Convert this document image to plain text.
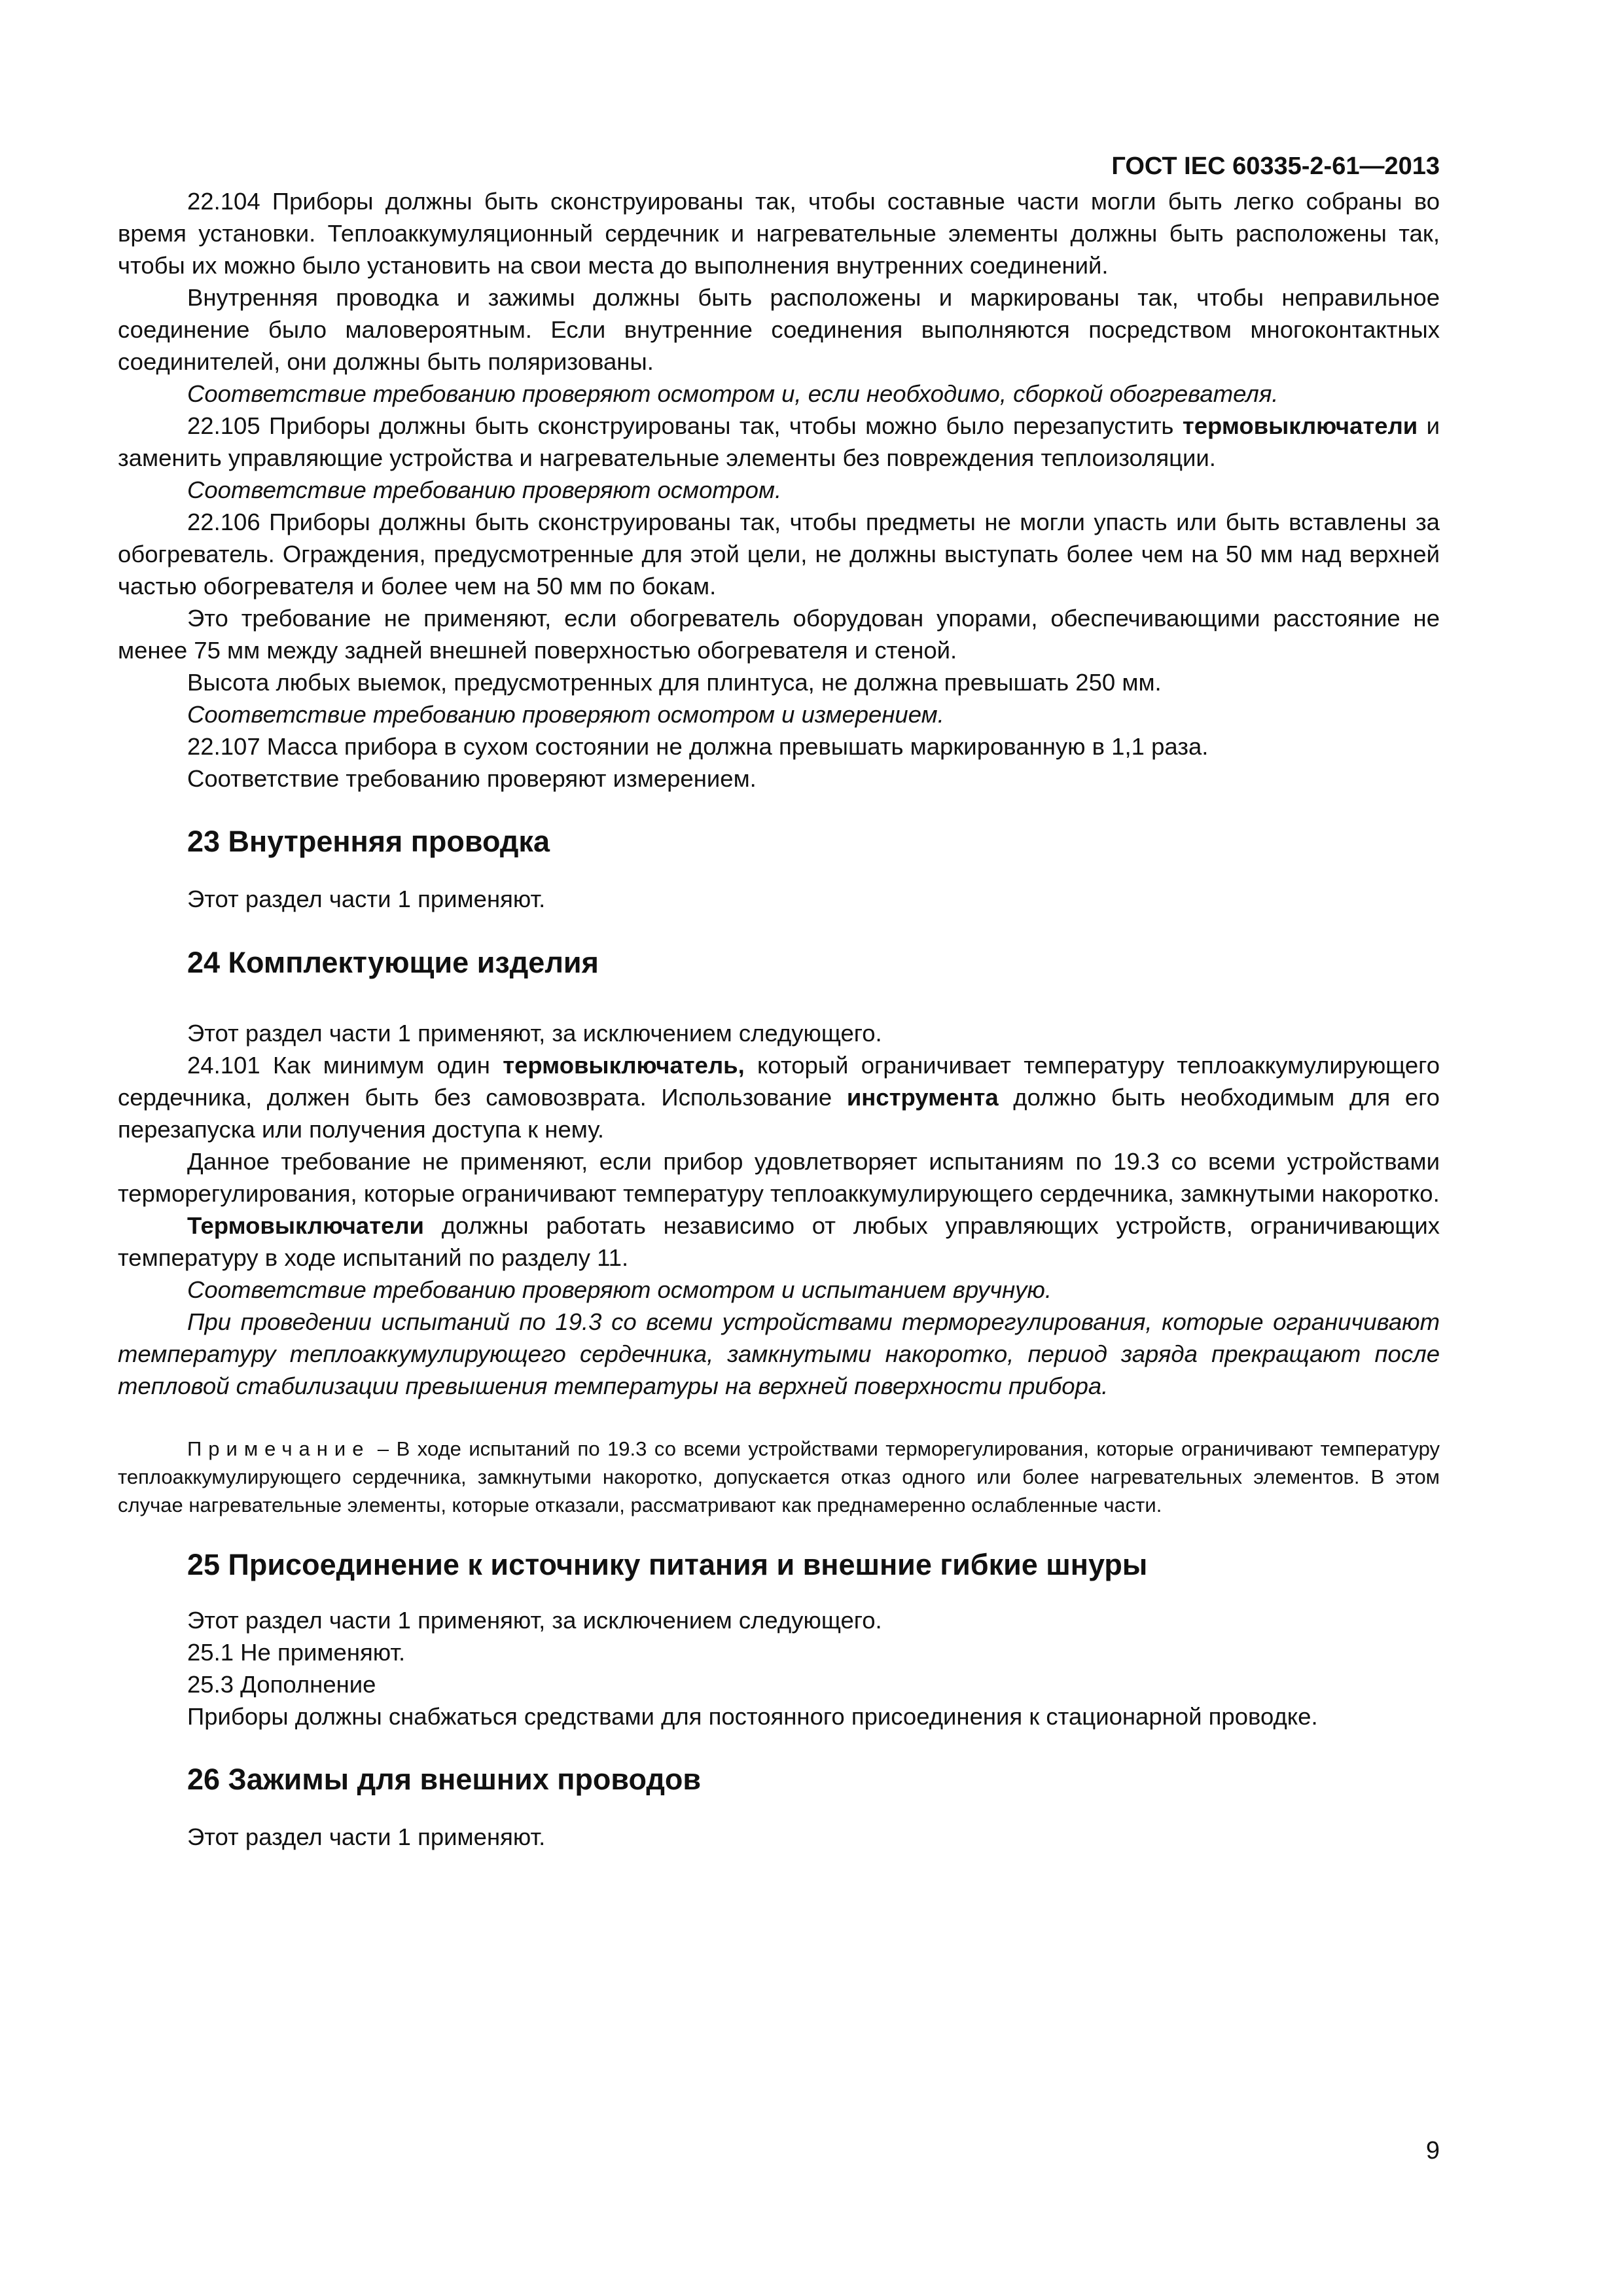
ГОСТ IEC 60335-2-61—2013

22.104 Приборы должны быть сконструированы так, чтобы составные части могли быть легко собраны во время установки. Теплоаккумуляционный сердечник и нагревательные элементы должны быть расположены так, чтобы их можно было установить на свои места до выполнения внутренних соединений.

Внутренняя проводка и зажимы должны быть расположены и маркированы так, чтобы неправильное соединение было маловероятным. Если внутренние соединения выполняются посредством многоконтактных соединителей, они должны быть поляризованы.

Соответствие требованию проверяют осмотром и, если необходимо, сборкой обогревателя.

22.105 Приборы должны быть сконструированы так, чтобы можно было перезапустить термовыключатели и заменить управляющие устройства и нагревательные элементы без повреждения теплоизоляции.

Соответствие требованию проверяют осмотром.

22.106 Приборы должны быть сконструированы так, чтобы предметы не могли упасть или быть вставлены за обогреватель. Ограждения, предусмотренные для этой цели, не должны выступать более чем на 50 мм над верхней частью обогревателя и более чем на 50 мм по бокам.

Это требование не применяют, если обогреватель оборудован упорами, обеспечивающими расстояние не менее 75 мм между задней внешней поверхностью обогревателя и стеной.

Высота любых выемок, предусмотренных для плинтуса, не должна превышать 250 мм.

Соответствие требованию проверяют осмотром и измерением.

22.107 Масса прибора в сухом состоянии не должна превышать маркированную в 1,1 раза.

Соответствие требованию проверяют измерением.

23 Внутренняя проводка

Этот раздел части 1 применяют.

24 Комплектующие изделия

Этот раздел части 1 применяют, за исключением следующего.

24.101 Как минимум один термовыключатель, который ограничивает температуру теплоаккумулирующего сердечника, должен быть без самовозврата. Использование инструмента должно быть необходимым для его перезапуска или получения доступа к нему.

Данное требование не применяют, если прибор удовлетворяет испытаниям по 19.3 со всеми устройствами терморегулирования, которые ограничивают температуру теплоаккумулирующего сердечника, замкнутыми накоротко.

Термовыключатели должны работать независимо от любых управляющих устройств, ограничивающих температуру в ходе испытаний по разделу 11.

Соответствие требованию проверяют осмотром и испытанием вручную.

При проведении испытаний по 19.3 со всеми устройствами терморегулирования, которые ограничивают температуру теплоаккумулирующего сердечника, замкнутыми накоротко, период заряда прекращают после тепловой стабилизации превышения температуры на верхней поверхности прибора.

Примечание – В ходе испытаний по 19.3 со всеми устройствами терморегулирования, которые ограничивают температуру теплоаккумулирующего сердечника, замкнутыми накоротко, допускается отказ одного или более нагревательных элементов. В этом случае нагревательные элементы, которые отказали, рассматривают как преднамеренно ослабленные части.

25 Присоединение к источнику питания и внешние гибкие шнуры

Этот раздел части 1 применяют, за исключением следующего.

25.1 Не применяют.

25.3 Дополнение

Приборы должны снабжаться средствами для постоянного присоединения к стационарной проводке.

26 Зажимы для внешних проводов

Этот раздел части 1 применяют.

9
